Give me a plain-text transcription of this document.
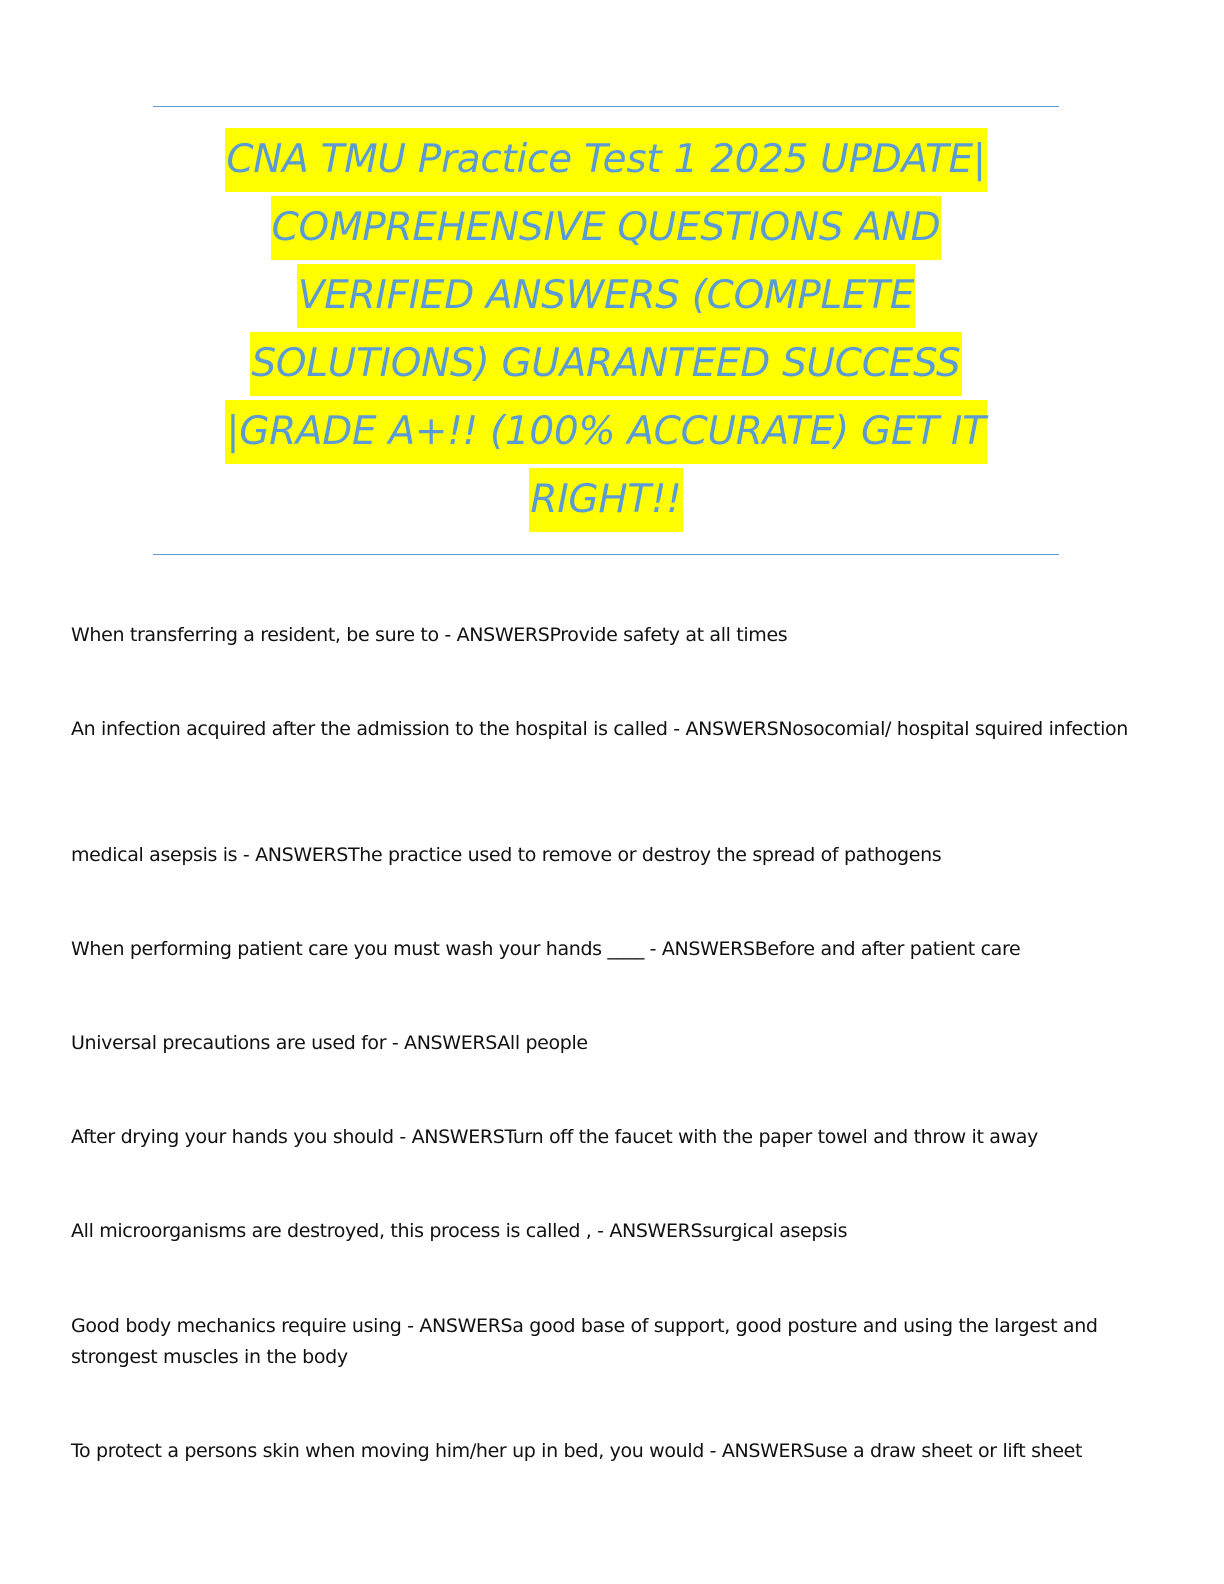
CNA TMU Practice Test 1 2025 UPDATE|

COMPREHENSIVE QUESTIONS AND

VERIFIED ANSWERS (COMPLETE

SOLUTIONS) GUARANTEED SUCCESS

|GRADE A+!! (100% ACCURATE) GET IT

RIGHT!!

When transferring a resident, be sure to - ANSWERSProvide safety at all times

An infection acquired after the admission to the hospital is called - ANSWERSNosocomial/ hospital squired infection

medical asepsis is - ANSWERSThe practice used to remove or destroy the spread of pathogens

When performing patient care you must wash your hands ____ - ANSWERSBefore and after patient care

Universal precautions are used for - ANSWERSAll people

After drying your hands you should - ANSWERSTurn off the faucet with the paper towel and throw it away

All microorganisms are destroyed, this process is called , - ANSWERSsurgical asepsis

Good body mechanics require using - ANSWERSa good base of support, good posture and using the largest and strongest muscles in the body

To protect a persons skin when moving him/her up in bed, you would - ANSWERSuse a draw sheet or lift sheet
